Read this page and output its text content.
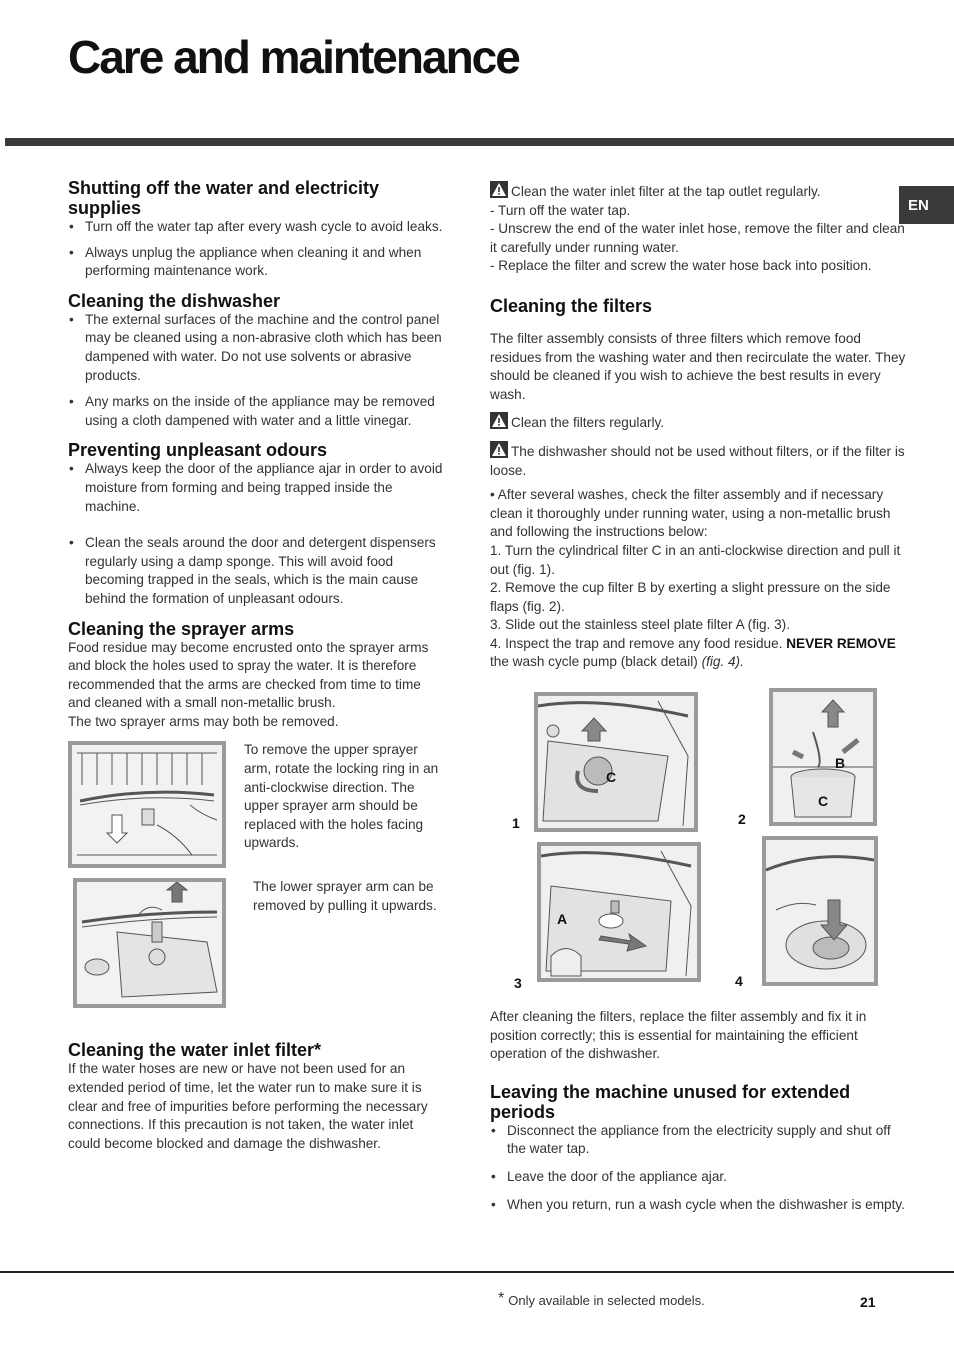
Care and maintenance
EN
Shutting off the water and electricity supplies
• Turn off the water tap after every wash cycle to avoid leaks.
• Always unplug the appliance when cleaning it and when performing maintenance work.
Cleaning the dishwasher
• The external surfaces of the machine and the control panel may be cleaned using a non-abrasive cloth which has been dampened with water. Do not use solvents or abrasive products.
• Any marks on the inside of the appliance may be removed using a cloth dampened with water and a little vinegar.
Preventing unpleasant odours
• Always keep the door of the appliance ajar in order to avoid moisture from forming and being trapped inside the machine.
• Clean the seals around the door and detergent dispensers regularly using a damp sponge. This will avoid food becoming trapped in the seals, which is the main cause behind the formation of unpleasant odours.
Cleaning the sprayer arms

Food residue may become encrusted onto the sprayer arms and block the holes used to spray the water. It is therefore recommended that the arms are checked from time to time and cleaned with a small non-metallic brush.

The two sprayer arms may both be removed.

To remove the upper sprayer arm, rotate the locking ring in an anti-clockwise direction. The upper sprayer arm should be replaced with the holes facing upwards.

The lower sprayer arm can be removed by pulling it upwards.

Cleaning the water inlet filter*

If the water hoses are new or have not been used for an extended period of time, let the water run to make sure it is clear and free of impurities before performing the necessary connections. If this precaution is not taken, the water inlet could become blocked and damage the dishwasher.

Clean the water inlet filter at the tap outlet regularly.

- Turn off the water tap.

- Unscrew the end of the water inlet hose, remove the filter and clean it carefully under running water.

- Replace the filter and screw the water hose back into position.

Cleaning the filters

The filter assembly consists of three filters which remove food residues from the washing water and then recirculate the water. They should be cleaned if you wish to achieve the best results in every wash.

Clean the filters regularly.

The dishwasher should not be used without filters, or if the filter is loose.

• After several washes, check the filter assembly and if necessary clean it thoroughly under running water, using a non-metallic brush and following the instructions below:

1. Turn the cylindrical filter C in an anti-clockwise direction and pull it out (fig. 1).

2. Remove the cup filter B by exerting a slight pressure on the side flaps (fig. 2).

3. Slide out the stainless steel plate filter A (fig. 3).

4. Inspect the trap and remove any food residue. NEVER REMOVE the wash cycle pump (black detail) (fig. 4).

1	2
3	4
C
B
C
A

After cleaning the filters, replace the filter assembly and fix it in position correctly; this is essential for maintaining the efficient operation of the dishwasher.

Leaving the machine unused for extended periods
• Disconnect the appliance from the electricity supply and shut off the water tap.
• Leave the door of the appliance ajar.
• When you return, run a wash cycle when the dishwasher is empty.
* Only available in selected models.	21
